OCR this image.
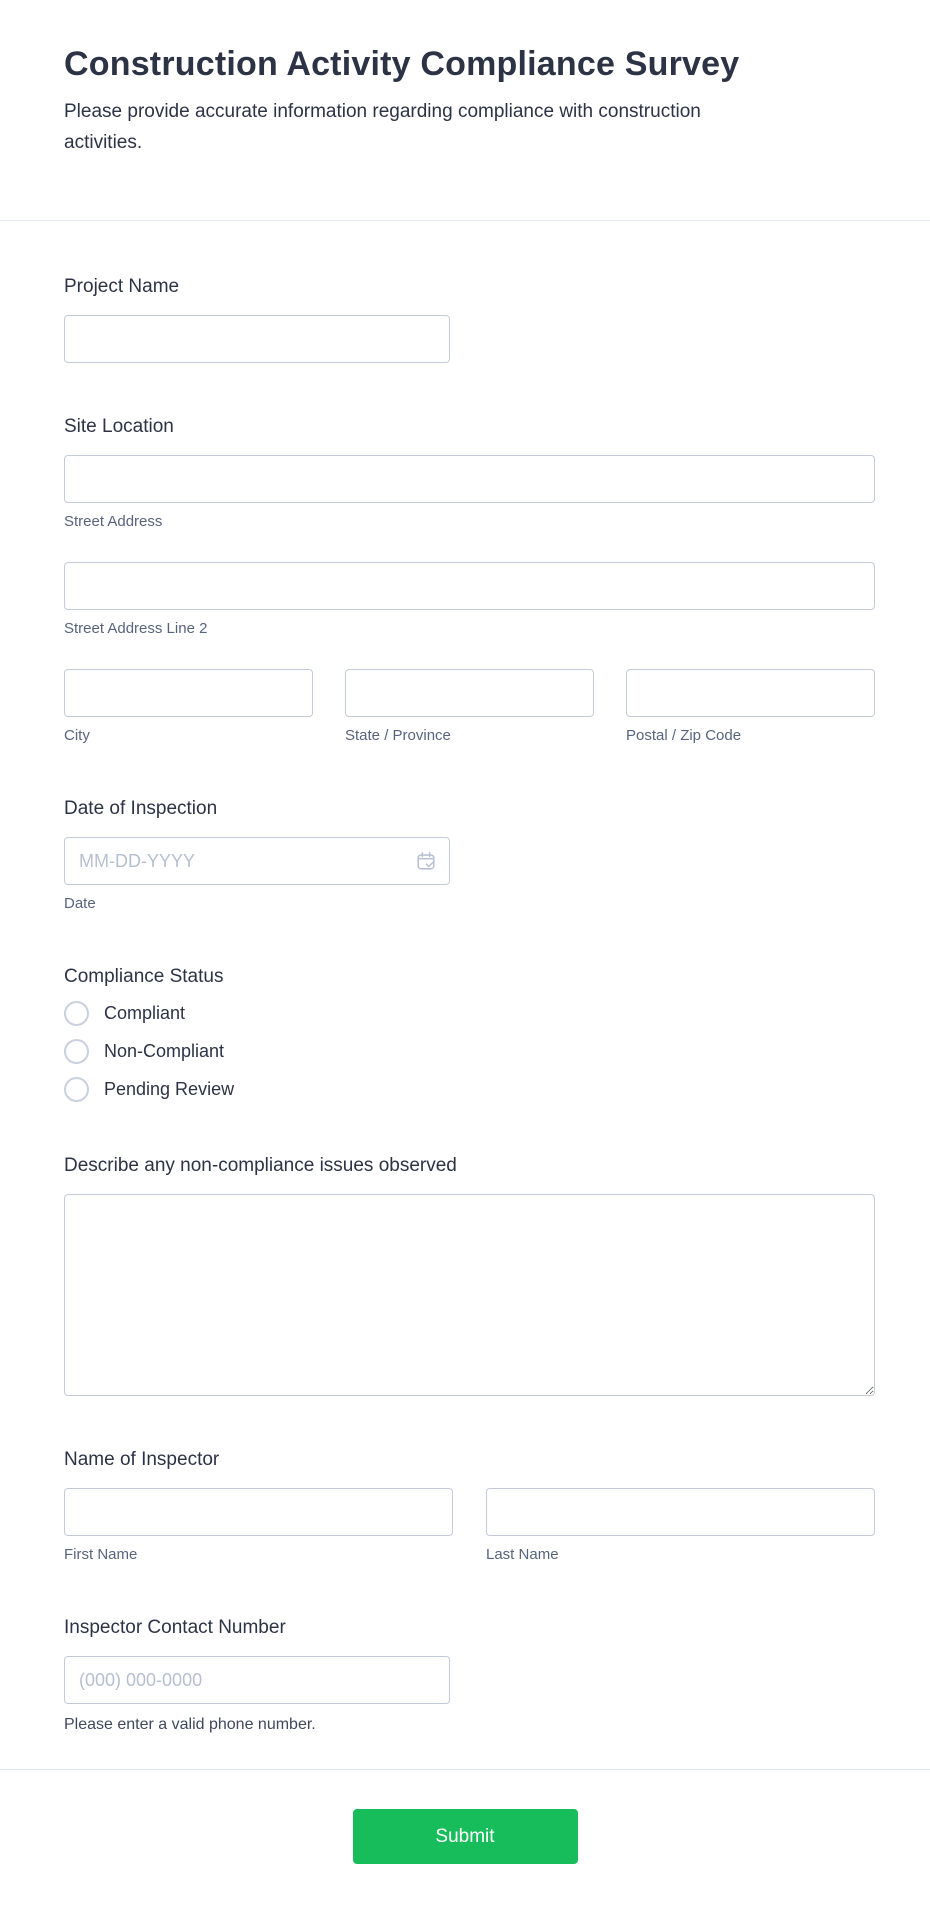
Construction Activity Compliance Survey

Please provide accurate information regarding compliance with construction activities.

Project Name
Site Location
Street Address
Street Address Line 2
City	State / Province	Postal / Zip Code
Date of Inspection
MM-DD-YYYY
Date
Compliance Status
Compliant
Non-Compliant
Pending Review
Describe any non-compliance issues observed
Name of Inspector
First Name	Last Name
Inspector Contact Number
(000) 000-0000
Please enter a valid phone number.
Submit
